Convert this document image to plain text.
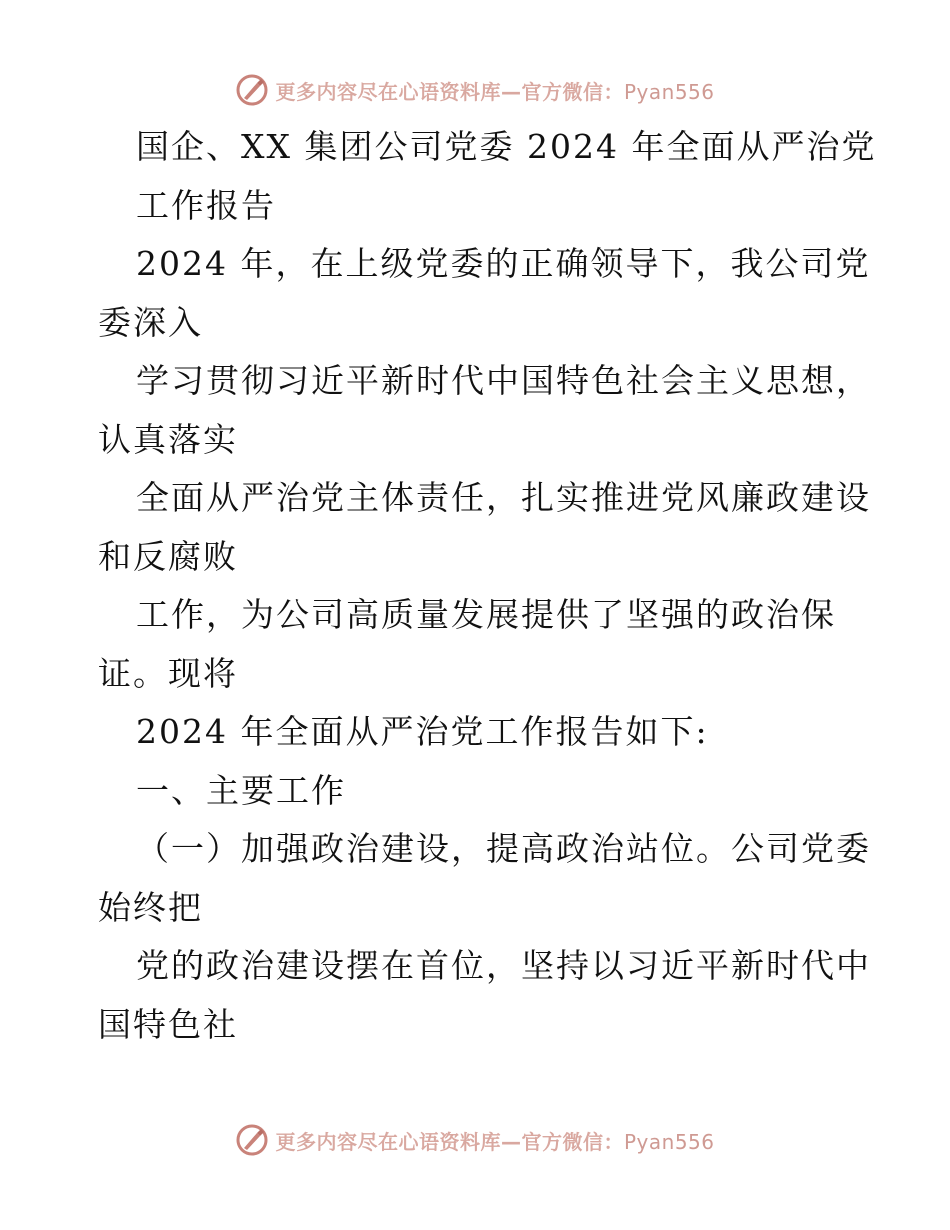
更多内容尽在心语资料库—官方微信：Pyan556
国企、XX 集团公司党委 2024 年全面从严治党
工作报告
2024 年，在上级党委的正确领导下，我公司党
委深入
学习贯彻习近平新时代中国特色社会主义思想，
认真落实
全面从严治党主体责任，扎实推进党风廉政建设
和反腐败
工作，为公司高质量发展提供了坚强的政治保
证。现将
2024 年全面从严治党工作报告如下:
一、主要工作
（一）加强政治建设，提高政治站位。公司党委
始终把
党的政治建设摆在首位，坚持以习近平新时代中
国特色社
更多内容尽在心语资料库—官方微信：Pyan556
